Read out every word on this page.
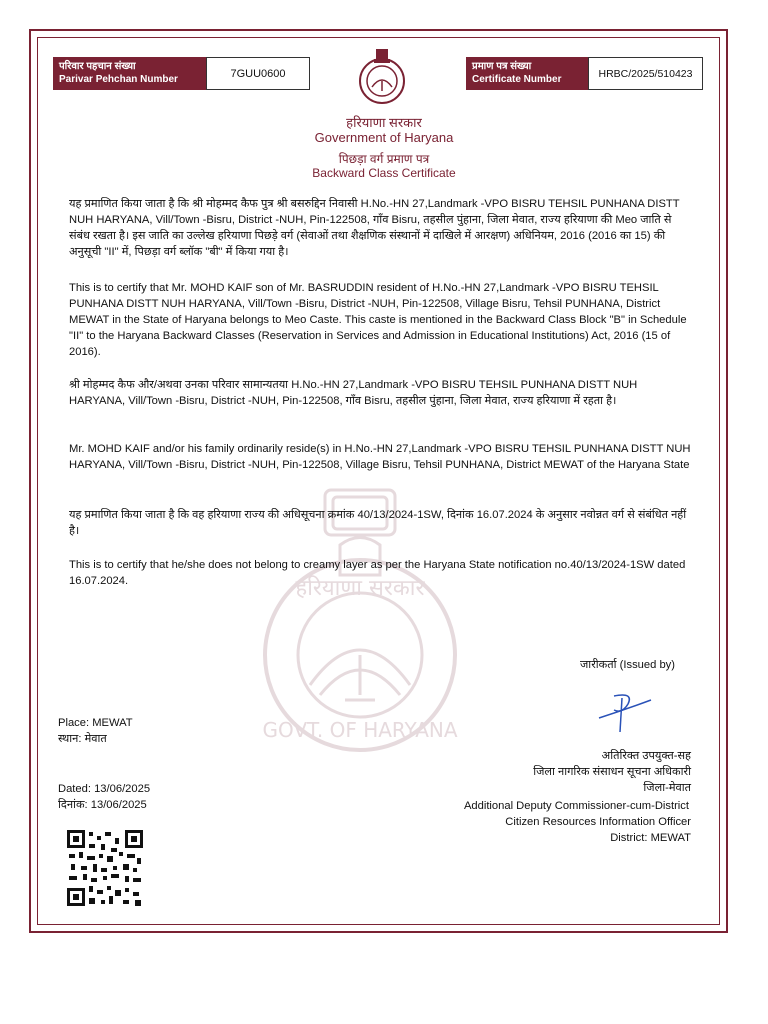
हरियाणा सरकार
GOVT. OF HARYANA
परिवार पहचान संख्या
Parivar Pehchan Number	7GUU0600
प्रमाण पत्र संख्या
Certificate Number	HRBC/2025/510423
हरियाणा सरकार
Government of Haryana
पिछड़ा वर्ग प्रमाण पत्र
Backward Class Certificate
यह प्रमाणित किया जाता है कि श्री मोहम्मद कैफ पुत्र श्री बसरुद्दिन निवासी H.No.-HN 27,Landmark -VPO BISRU TEHSIL PUNHANA DISTT NUH HARYANA, Vill/Town -Bisru, District -NUH, Pin-122508, गाँव Bisru, तहसील पुंहाना, जिला मेवात, राज्य हरियाणा की Meo जाति से संबंध रखता है। इस जाति का उल्लेख हरियाणा पिछड़े वर्ग (सेवाओं तथा शैक्षणिक संस्थानों में दाखिले में आरक्षण) अधिनियम, 2016 (2016 का 15) की अनुसूची "II" में, पिछड़ा वर्ग ब्लॉक "बी" में किया गया है।
This is to certify that Mr. MOHD KAIF son of Mr. BASRUDDIN resident of H.No.-HN 27,Landmark -VPO BISRU TEHSIL PUNHANA DISTT NUH HARYANA, Vill/Town -Bisru, District -NUH, Pin-122508, Village Bisru, Tehsil PUNHANA, District MEWAT in the State of Haryana belongs to Meo Caste. This caste is mentioned in the Backward Class Block "B" in Schedule "II" to the Haryana Backward Classes (Reservation in Services and Admission in Educational Institutions) Act, 2016 (15 of 2016).
श्री मोहम्मद कैफ और/अथवा उनका परिवार सामान्यतया H.No.-HN 27,Landmark -VPO BISRU TEHSIL PUNHANA DISTT NUH HARYANA, Vill/Town -Bisru, District -NUH, Pin-122508, गाँव Bisru, तहसील पुंहाना, जिला मेवात, राज्य हरियाणा में रहता है।
Mr. MOHD KAIF and/or his family ordinarily reside(s) in H.No.-HN 27,Landmark -VPO BISRU TEHSIL PUNHANA DISTT NUH HARYANA, Vill/Town -Bisru, District -NUH, Pin-122508, Village Bisru, Tehsil PUNHANA, District MEWAT of the Haryana State
यह प्रमाणित किया जाता है कि वह हरियाणा राज्य की अधिसूचना क्रमांक 40/13/2024-1SW, दिनांक 16.07.2024 के अनुसार नवोन्नत वर्ग से संबंधित नहीं है।
This is to certify that he/she does not belong to creamy layer as per the Haryana State notification no.40/13/2024-1SW dated 16.07.2024.
जारीकर्ता (Issued by)
Place: MEWAT
स्थान: मेवात
Dated: 13/06/2025
दिनांक: 13/06/2025
अतिरिक्त उपयुक्त-सह
जिला नागरिक संसाधन सूचना अधिकारी
जिला-मेवात
Additional Deputy Commissioner-cum-District
Citizen Resources Information Officer
District: MEWAT
